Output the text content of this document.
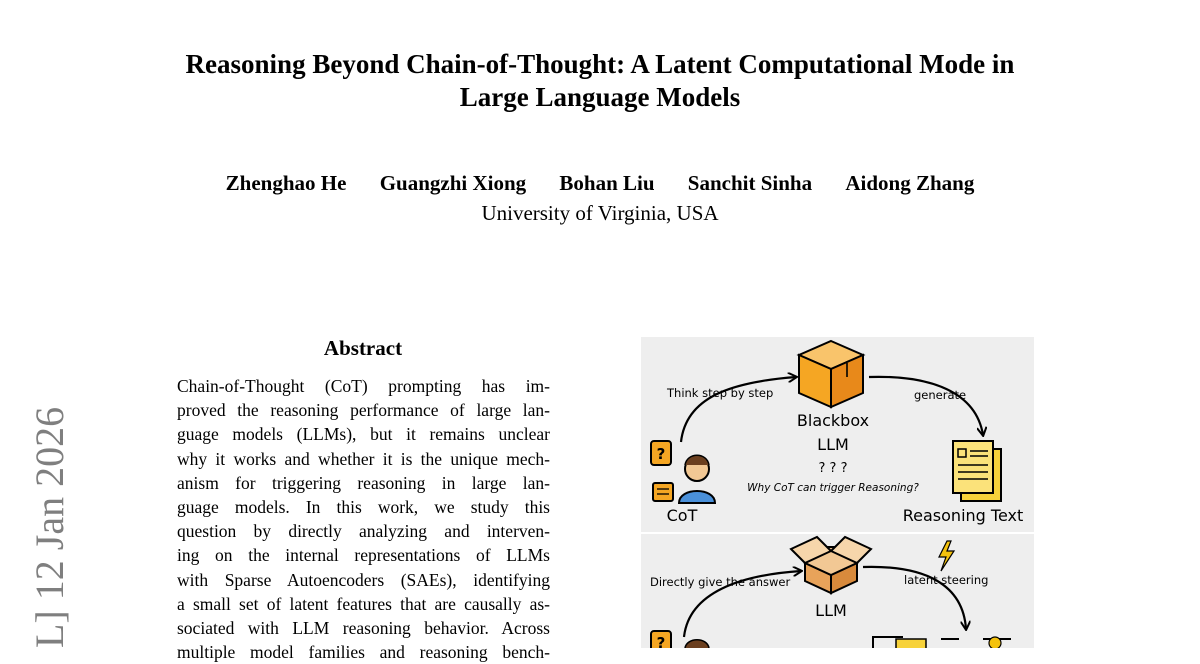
Reasoning Beyond Chain-of-Thought: A Latent Computational Mode in
Large Language Models
Zhenghao He Guangzhi Xiong Bohan Liu Sanchit Sinha Aidong Zhang
University of Virginia, USA
L] 12 Jan 2026
Abstract
Chain-of-Thought (CoT) prompting has im-
proved the reasoning performance of large lan-
guage models (LLMs), but it remains unclear
why it works and whether it is the unique mech-
anism for triggering reasoning in large lan-
guage models. In this work, we study this
question by directly analyzing and interven-
ing on the internal representations of LLMs
with Sparse Autoencoders (SAEs), identifying
a small set of latent features that are causally as-
sociated with LLM reasoning behavior. Across
multiple model families and reasoning bench-
Think step by step
Blackbox
LLM
? ? ?
Why CoT can trigger Reasoning?
generate
Reasoning Text
?
CoT
Directly give the answer
LLM
latent steering
?
